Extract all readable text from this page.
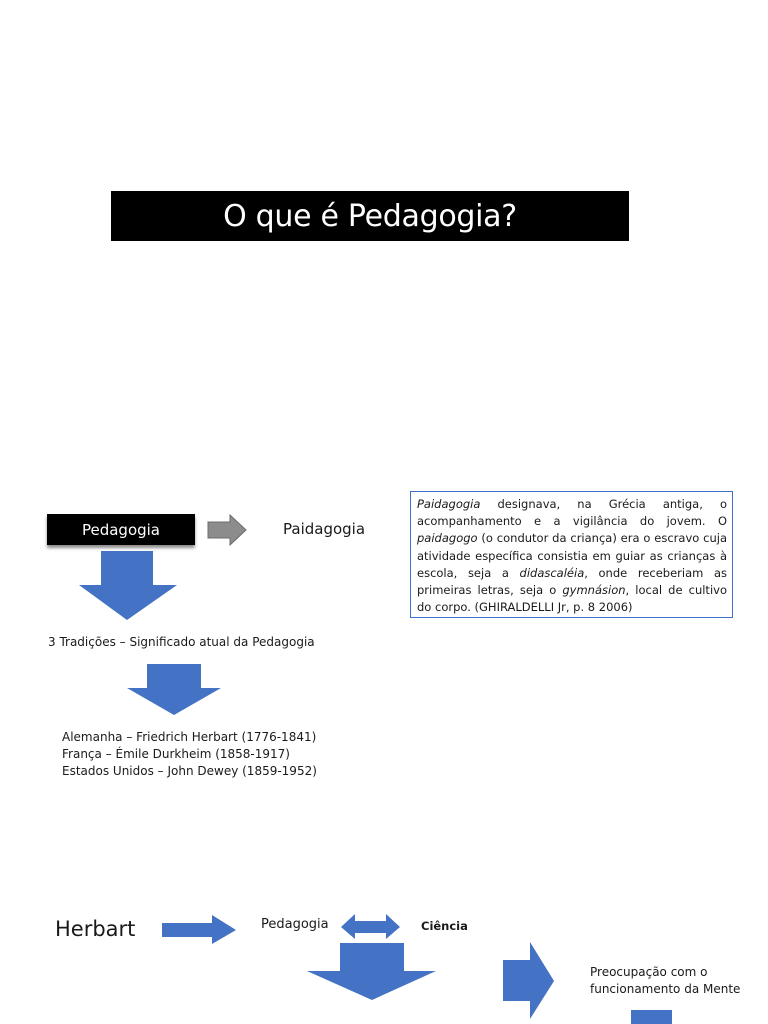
O que é Pedagogia?
Pedagogia	Paidagogia
Paidagogia designava, na Grécia antiga, o acompanhamento e a vigilância do jovem. O paidagogo (o condutor da criança) era o escravo cuja atividade específica consistia em guiar as crianças à escola, seja a didascaléia, onde receberiam as primeiras letras, seja o gymnásion, local de cultivo do corpo. (GHIRALDELLI Jr, p. 8 2006)
3 Tradições – Significado atual da Pedagogia
Alemanha – Friedrich Herbart (1776-1841)
França – Émile Durkheim (1858-1917)
Estados Unidos – John Dewey (1859-1952)
Herbart	Pedagogia	Ciência
Preocupação com o
funcionamento da Mente
